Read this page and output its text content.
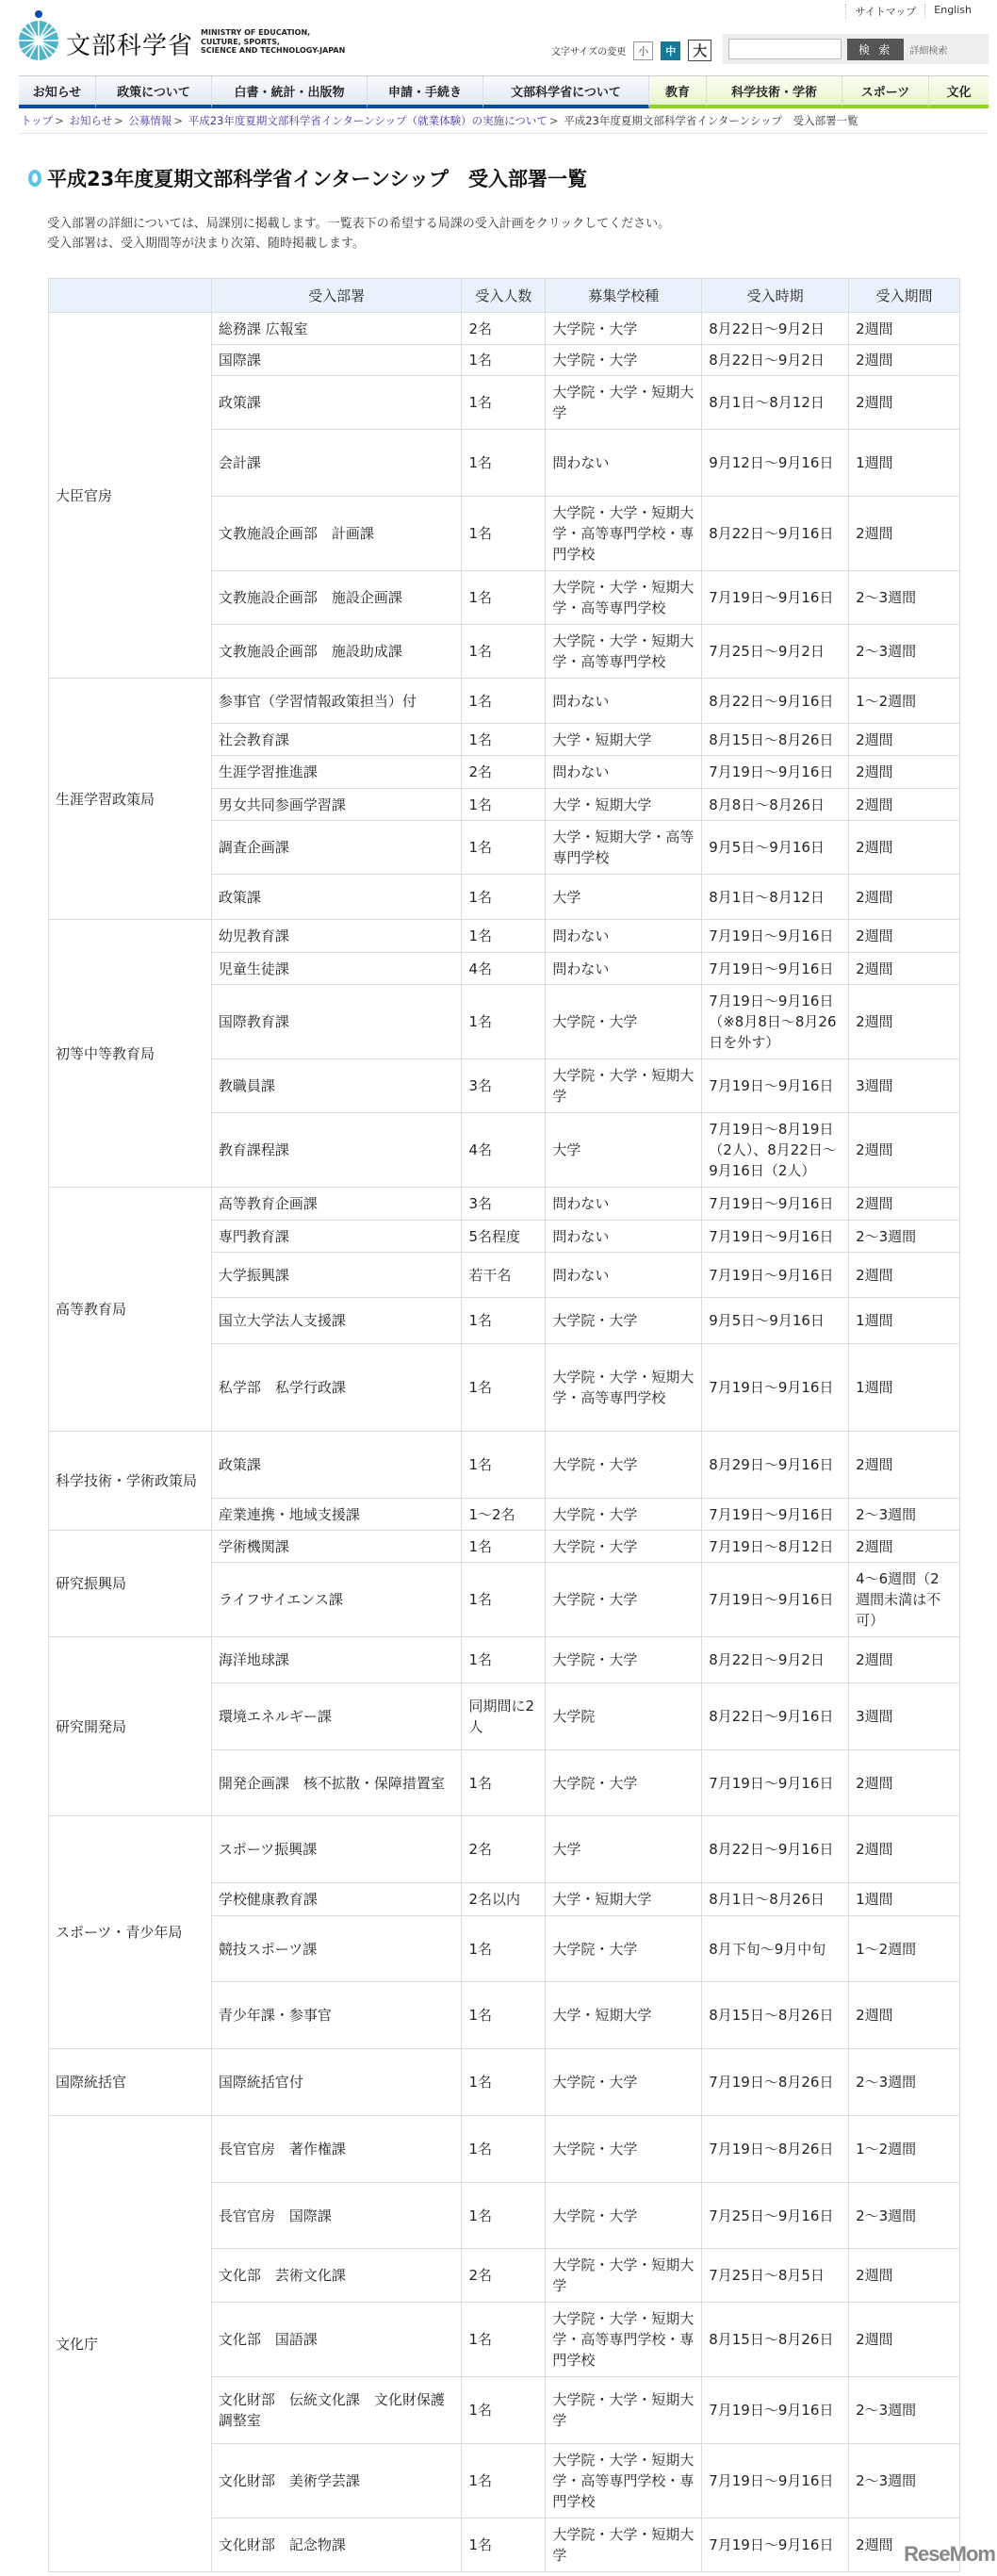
文部科学省 MINISTRY OF EDUCATION,
CULTURE, SPORTS,
SCIENCE AND TECHNOLOGY-JAPAN
サイトマップ	English
文字サイズの変更	小	中	大	検 索	詳細検索
お知らせ	政策について	白書・統計・出版物	申請・手続き	文部科学省について	教育	科学技術・学術	スポーツ	文化
トップ > お知らせ > 公募情報 > 平成23年度夏期文部科学省インターンシップ（就業体験）の実施について > 平成23年度夏期文部科学省インターンシップ　受入部署一覧
平成23年度夏期文部科学省インターンシップ　受入部署一覧
受入部署の詳細については、局課別に掲載します。一覧表下の希望する局課の受入計画をクリックしてください。
受入部署は、受入期間等が決まり次第、随時掲載します。
	受入部署	受入人数	募集学校種	受入時期	受入期間
大臣官房	総務課 広報室	2名	大学院・大学	8月22日～9月2日	2週間
	国際課	1名	大学院・大学	8月22日～9月2日	2週間
	政策課	1名	大学院・大学・短期大学	8月1日～8月12日	2週間
	会計課	1名	問わない	9月12日～9月16日	1週間
	文教施設企画部　計画課	1名	大学院・大学・短期大学・高等専門学校・専門学校	8月22日～9月16日	2週間
	文教施設企画部　施設企画課	1名	大学院・大学・短期大学・高等専門学校	7月19日～9月16日	2～3週間
	文教施設企画部　施設助成課	1名	大学院・大学・短期大学・高等専門学校	7月25日～9月2日	2～3週間
生涯学習政策局	参事官（学習情報政策担当）付	1名	問わない	8月22日～9月16日	1～2週間
	社会教育課	1名	大学・短期大学	8月15日～8月26日	2週間
	生涯学習推進課	2名	問わない	7月19日～9月16日	2週間
	男女共同参画学習課	1名	大学・短期大学	8月8日～8月26日	2週間
	調査企画課	1名	大学・短期大学・高等専門学校	9月5日～9月16日	2週間
	政策課	1名	大学	8月1日～8月12日	2週間
初等中等教育局	幼児教育課	1名	問わない	7月19日～9月16日	2週間
	児童生徒課	4名	問わない	7月19日～9月16日	2週間
	国際教育課	1名	大学院・大学	7月19日～9月16日（※8月8日～8月26日を外す）	2週間
	教職員課	3名	大学院・大学・短期大学	7月19日～9月16日	3週間
	教育課程課	4名	大学	7月19日～8月19日（2人）、8月22日～9月16日（2人）	2週間
高等教育局	高等教育企画課	3名	問わない	7月19日～9月16日	2週間
	専門教育課	5名程度	問わない	7月19日～9月16日	2～3週間
	大学振興課	若干名	問わない	7月19日～9月16日	2週間
	国立大学法人支援課	1名	大学院・大学	9月5日～9月16日	1週間
	私学部　私学行政課	1名	大学院・大学・短期大学・高等専門学校	7月19日～9月16日	1週間
科学技術・学術政策局	政策課	1名	大学院・大学	8月29日～9月16日	2週間
	産業連携・地域支援課	1～2名	大学院・大学	7月19日～9月16日	2～3週間
研究振興局	学術機関課	1名	大学院・大学	7月19日～8月12日	2週間
	ライフサイエンス課	1名	大学院・大学	7月19日～9月16日	4～6週間（2週間未満は不可）
研究開発局	海洋地球課	1名	大学院・大学	8月22日～9月2日	2週間
	環境エネルギー課	同期間に2人	大学院	8月22日～9月16日	3週間
	開発企画課　核不拡散・保障措置室	1名	大学院・大学	7月19日～9月16日	2週間
スポーツ・青少年局	スポーツ振興課	2名	大学	8月22日～9月16日	2週間
	学校健康教育課	2名以内	大学・短期大学	8月1日～8月26日	1週間
	競技スポーツ課	1名	大学院・大学	8月下旬～9月中旬	1～2週間
	青少年課・参事官	1名	大学・短期大学	8月15日～8月26日	2週間
国際統括官	国際統括官付	1名	大学院・大学	7月19日～8月26日	2～3週間
文化庁	長官官房　著作権課	1名	大学院・大学	7月19日～8月26日	1～2週間
	長官官房　国際課	1名	大学院・大学	7月25日～9月16日	2～3週間
	文化部　芸術文化課	2名	大学院・大学・短期大学	7月25日～8月5日	2週間
	文化部　国語課	1名	大学院・大学・短期大学・高等専門学校・専門学校	8月15日～8月26日	2週間
	文化財部　伝統文化課　文化財保護調整室	1名	大学院・大学・短期大学	7月19日～9月16日	2～3週間
	文化財部　美術学芸課	1名	大学院・大学・短期大学・高等専門学校・専門学校	7月19日～9月16日	2～3週間
	文化財部　記念物課	1名	大学院・大学・短期大学	7月19日～9月16日	2週間 ReseMom
